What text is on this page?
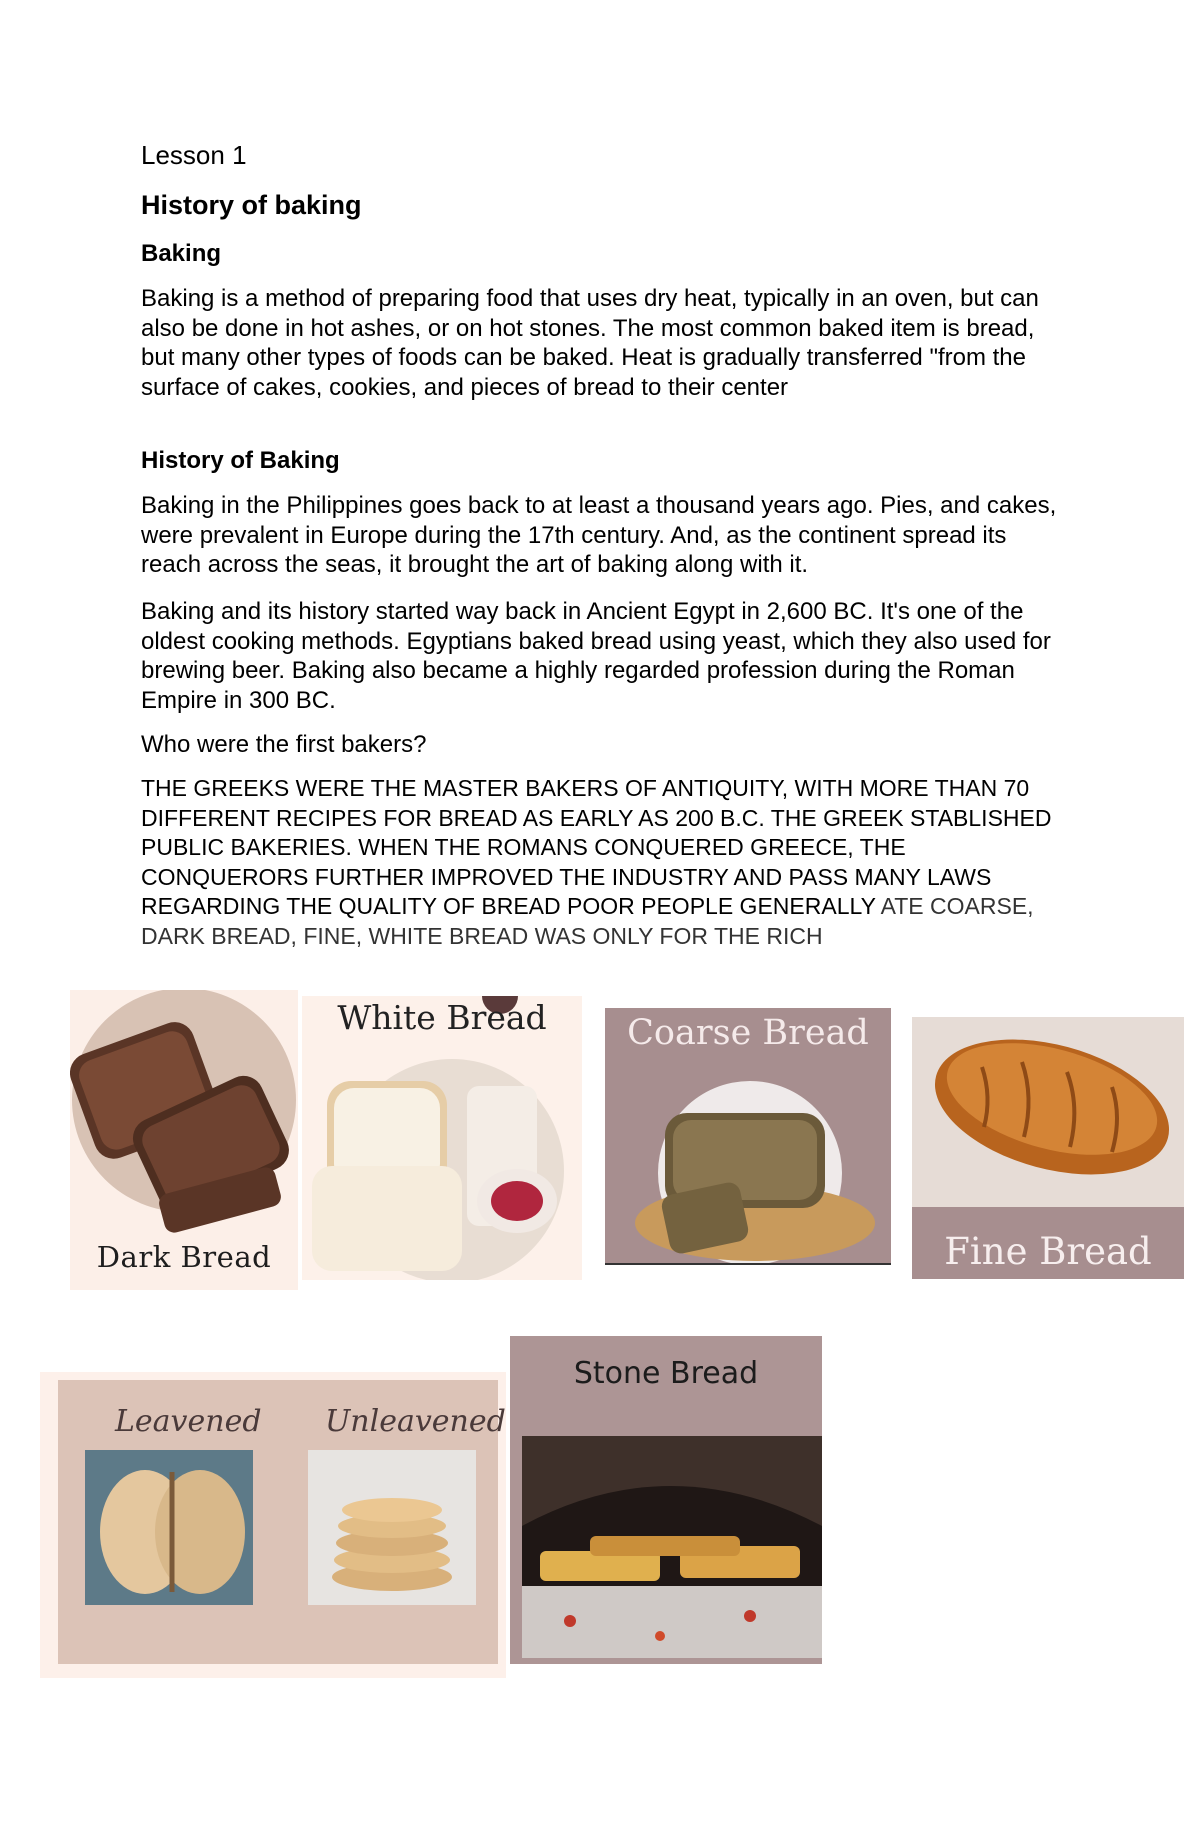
Lesson 1
History of baking
Baking

Baking is a method of preparing food that uses dry heat, typically in an oven, but can also be done in hot ashes, or on hot stones. The most common baked item is bread, but many other types of foods can be baked. Heat is gradually transferred "from the surface of cakes, cookies, and pieces of bread to their center

History of Baking

Baking in the Philippines goes back to at least a thousand years ago. Pies, and cakes, were prevalent in Europe during the 17th century. And, as the continent spread its reach across the seas, it brought the art of baking along with it.

Baking and its history started way back in Ancient Egypt in 2,600 BC. It's one of the oldest cooking methods. Egyptians baked bread using yeast, which they also used for brewing beer. Baking also became a highly regarded profession during the Roman Empire in 300 BC.

Who were the first bakers?

THE GREEKS WERE THE MASTER BAKERS OF ANTIQUITY, WITH MORE THAN 70 DIFFERENT RECIPES FOR BREAD AS EARLY AS 200 B.C. THE GREEK STABLISHED PUBLIC BAKERIES. WHEN THE ROMANS CONQUERED GREECE, THE CONQUERORS FURTHER IMPROVED THE INDUSTRY AND PASS MANY LAWS REGARDING THE QUALITY OF BREAD POOR PEOPLE GENERALLY ATE COARSE, DARK BREAD, FINE, WHITE BREAD WAS ONLY FOR THE RICH

Dark Bread
White Bread	Coarse Bread
Fine Bread
Leavened Unleavened
Stone Bread
